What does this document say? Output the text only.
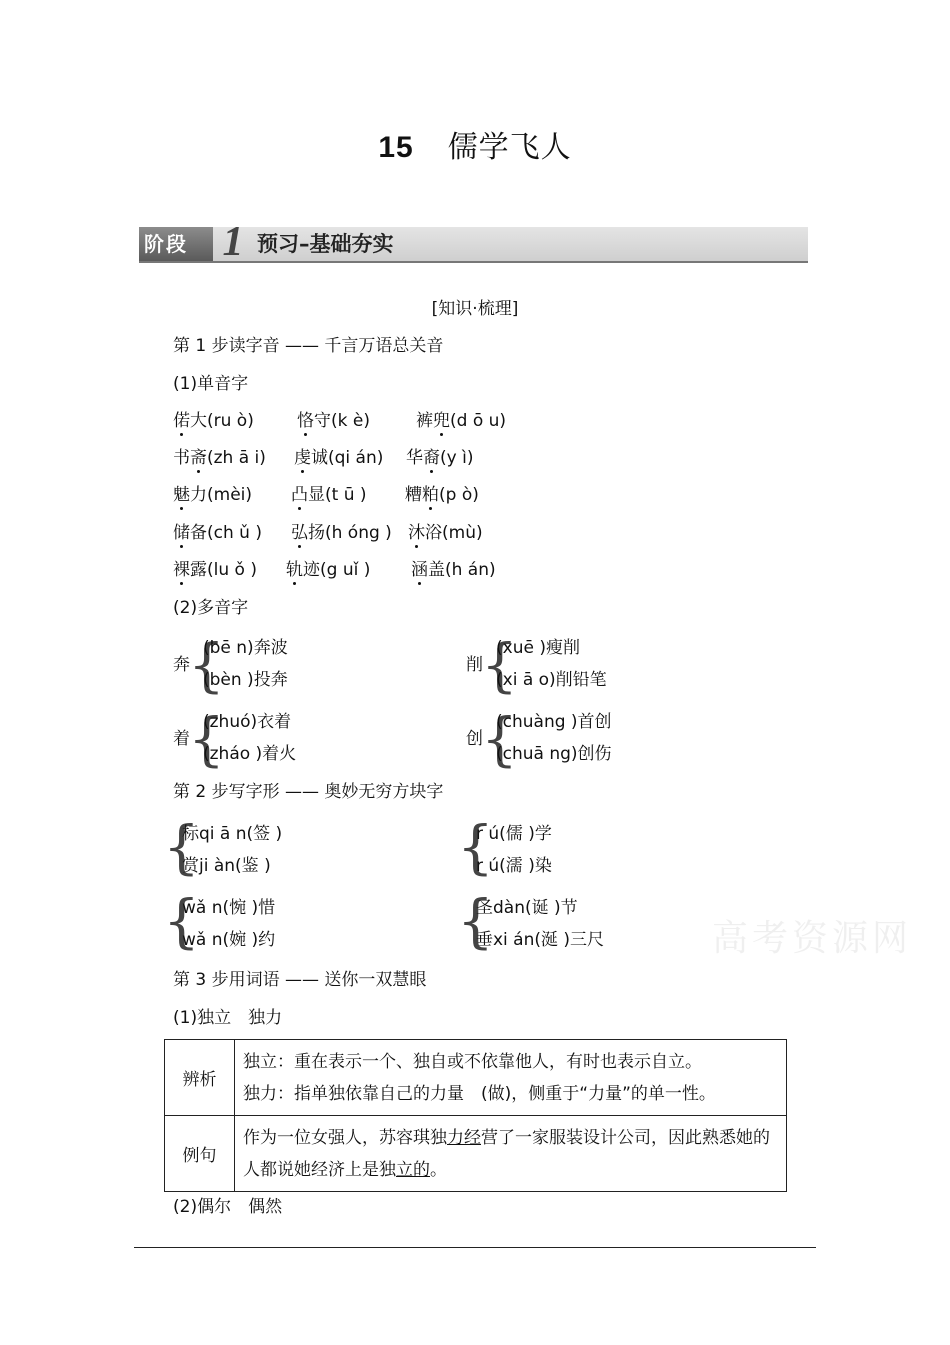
15 儒学飞人
阶段 1 预习–基础夯实
[知识·梳理]
第 1 步读字音 —— 千言万语总关音
(1)单音字
偌大(ru ò)	恪守(k è)	裤兜(d ō u)
书斋(zh ā i) 虔诚(qi án) 华裔(y ì)
魅力(mèi) 凸显(t ū ) 糟粕(p ò)
储备(ch ǔ ) 弘扬(h óng ) 沐浴(mù)
裸露(lu ǒ ) 轨迹(g uǐ ) 涵盖(h án)
(2)多音字
奔
{
(bē n)奔波
(bèn )投奔
削
{
(xuē )瘦削
(xi ā o)削铅笔
着
{
(zhuó)衣着
(zháo )着火
创
{
(chuàng )首创
(chuā ng)创伤
第 2 步写字形 —— 奥妙无穷方块字
{
标qi ā n(签 )
赏ji àn(鉴 )	{
r ú(儒 )学
r ú(濡 )染
{
wǎ n(惋 )惜
wǎ n(婉 )约	{
圣dàn(诞 )节
垂xi án(涎 )三尺	高考资源网
第 3 步用词语 —— 送你一双慧眼
(1)独立　独力
辨析	独立：重在表示一个、独自或不依靠他人，有时也表示自立。
独力：指单独依靠自己的力量　(做)，侧重于“力量”的单一性。

例句	作为一位女强人，苏容琪独力经营了一家服装设计公司，因此熟悉她的人都说她经济上是独立的。
(2)偶尔　偶然
